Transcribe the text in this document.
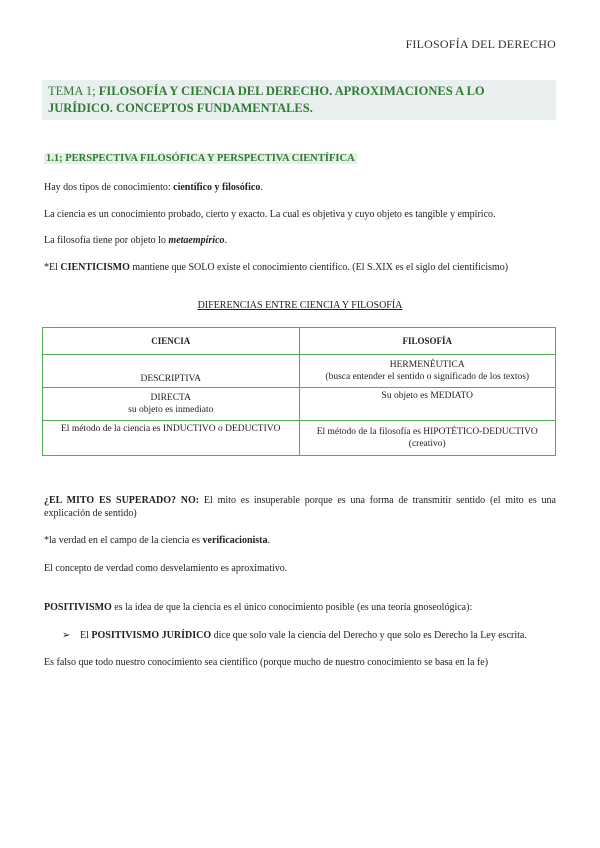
FILOSOFÍA DEL DERECHO
TEMA 1; FILOSOFÍA Y CIENCIA DEL DERECHO. APROXIMACIONES A LO JURÍDICO. CONCEPTOS FUNDAMENTALES.
1.1; PERSPECTIVA FILOSÓFICA Y PERSPECTIVA CIENTÍFICA
Hay dos tipos de conocimiento: científico y filosófico.
La ciencia es un conocimiento probado, cierto y exacto. La cual es objetiva y cuyo objeto es tangible y empírico.
La filosofía tiene por objeto lo metaempírico.
*El CIENTICISMO mantiene que SOLO existe el conocimiento científico. (El S.XIX es el siglo del cientificismo)
DIFERENCIAS ENTRE CIENCIA Y FILOSOFÍA
CIENCIA	FILOSOFÍA
DESCRIPTIVA	HERMENÉUTICA
(busca entender el sentido o significado de los textos)

DIRECTA
su objeto es inmediato	Su objeto es MEDIATO
El método de la ciencia es INDUCTIVO o DEDUCTIVO	El método de la filosofía es HIPOTÉTICO-DEDUCTIVO
(creativo)
¿EL MITO ES SUPERADO? NO: El mito es insuperable porque es una forma de transmitir sentido (el mito es una explicación de sentido)
*la verdad en el campo de la ciencia es verificacionista.
El concepto de verdad como desvelamiento es aproximativo.
POSITIVISMO es la idea de que la ciencia es el único conocimiento posible (es una teoría gnoseológica):
➢ El POSITIVISMO JURÍDICO dice que solo vale la ciencia del Derecho y que solo es Derecho la Ley escrita.
Es falso que todo nuestro conocimiento sea científico (porque mucho de nuestro conocimiento se basa en la fe)
